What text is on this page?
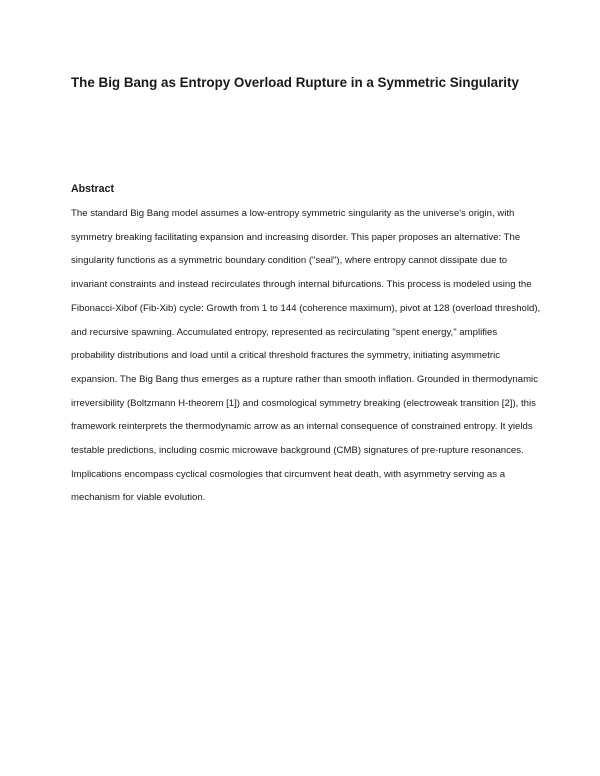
The Big Bang as Entropy Overload Rupture in a Symmetric Singularity
Abstract

The standard Big Bang model assumes a low-entropy symmetric singularity as the universe's origin, with symmetry breaking facilitating expansion and increasing disorder. This paper proposes an alternative: The singularity functions as a symmetric boundary condition ("seal"), where entropy cannot dissipate due to invariant constraints and instead recirculates through internal bifurcations. This process is modeled using the Fibonacci-Xibof (Fib-Xib) cycle: Growth from 1 to 144 (coherence maximum), pivot at 128 (overload threshold), and recursive spawning. Accumulated entropy, represented as recirculating "spent energy," amplifies probability distributions and load until a critical threshold fractures the symmetry, initiating asymmetric expansion. The Big Bang thus emerges as a rupture rather than smooth inflation. Grounded in thermodynamic irreversibility (Boltzmann H-theorem [1]) and cosmological symmetry breaking (electroweak transition [2]), this framework reinterprets the thermodynamic arrow as an internal consequence of constrained entropy. It yields testable predictions, including cosmic microwave background (CMB) signatures of pre-rupture resonances. Implications encompass cyclical cosmologies that circumvent heat death, with asymmetry serving as a mechanism for viable evolution.
